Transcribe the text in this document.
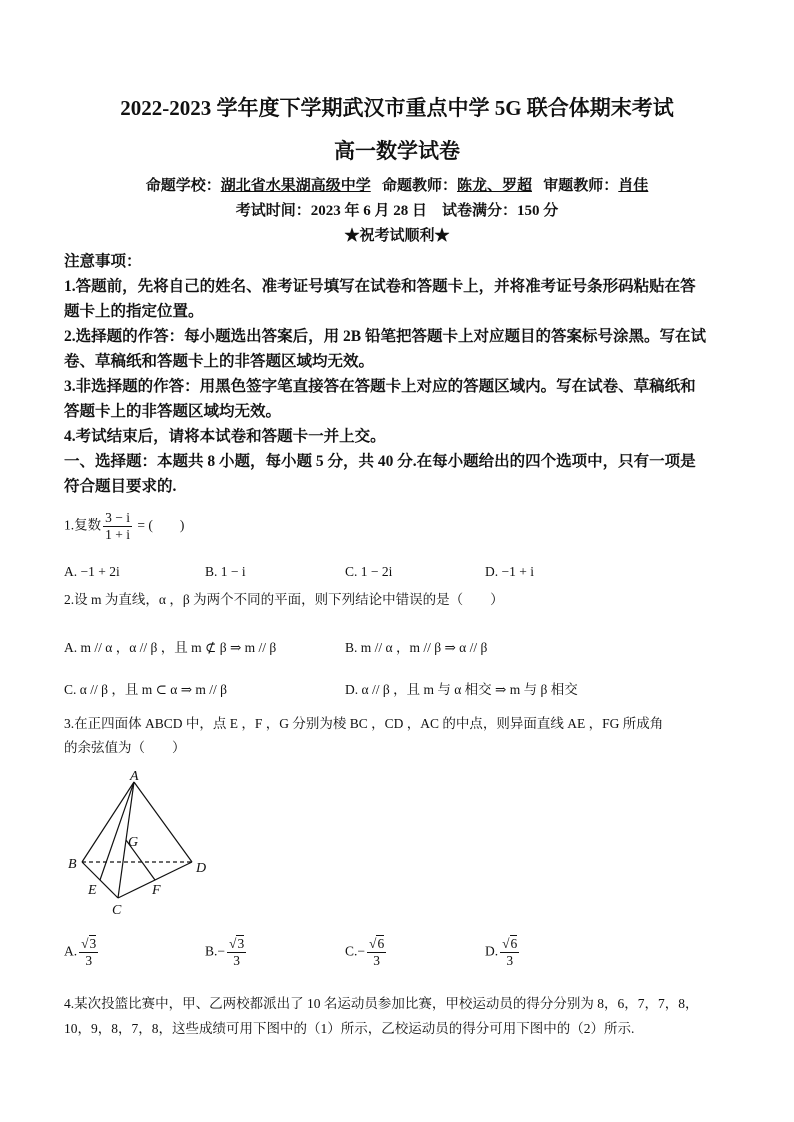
2022-2023 学年度下学期武汉市重点中学 5G 联合体期末考试
高一数学试卷
命题学校：湖北省水果湖高级中学 命题教师：陈龙、罗超 审题教师：肖佳
考试时间：2023 年 6 月 28 日　试卷满分：150 分
★祝考试顺利★
注意事项：
1.答题前，先将自己的姓名、准考证号填写在试卷和答题卡上，并将准考证号条形码粘贴在答
题卡上的指定位置。
2.选择题的作答：每小题选出答案后，用 2B 铅笔把答题卡上对应题目的答案标号涂黑。写在试
卷、草稿纸和答题卡上的非答题区域均无效。
3.非选择题的作答：用黑色签字笔直接答在答题卡上对应的答题区域内。写在试卷、草稿纸和
答题卡上的非答题区域均无效。
4.考试结束后，请将本试卷和答题卡一并上交。
一、选择题：本题共 8 小题，每小题 5 分，共 40 分.在每小题给出的四个选项中，只有一项是
符合题目要求的.
1.复数 $\frac{3 - i}{1 + i}$ = (　　)
A. −1 + 2i	B. 1 − i	C. 1 − 2i	D. −1 + i
2.设 m 为直线，α ，β 为两个不同的平面，则下列结论中错误的是（　　）
A. m // α ，α // β ，且 m ⊄ β ⇒ m // β	B. m // α ，m // β ⇒ α // β
C. α // β ，且 m ⊂ α ⇒ m // β	D. α // β ，且 m 与 α 相交 ⇒ m 与 β 相交
3.在正四面体 ABCD 中，点 E ，F ，G 分别为棱 BC ，CD ，AC 的中点，则异面直线 AE ，FG 所成角
的余弦值为（　　）
A
B
C
D
E	F
G
A. $\frac{√3}{3}$	$B.- \frac{√3}{3}$	$C.- \frac{√6}{3}$	D. $\frac{√6}{3}$
4.某次投篮比赛中，甲、乙两校都派出了 10 名运动员参加比赛，甲校运动员的得分分别为 8，6，7，7，8，
10，9，8，7，8，这些成绩可用下图中的（1）所示，乙校运动员的得分可用下图中的（2）所示.
